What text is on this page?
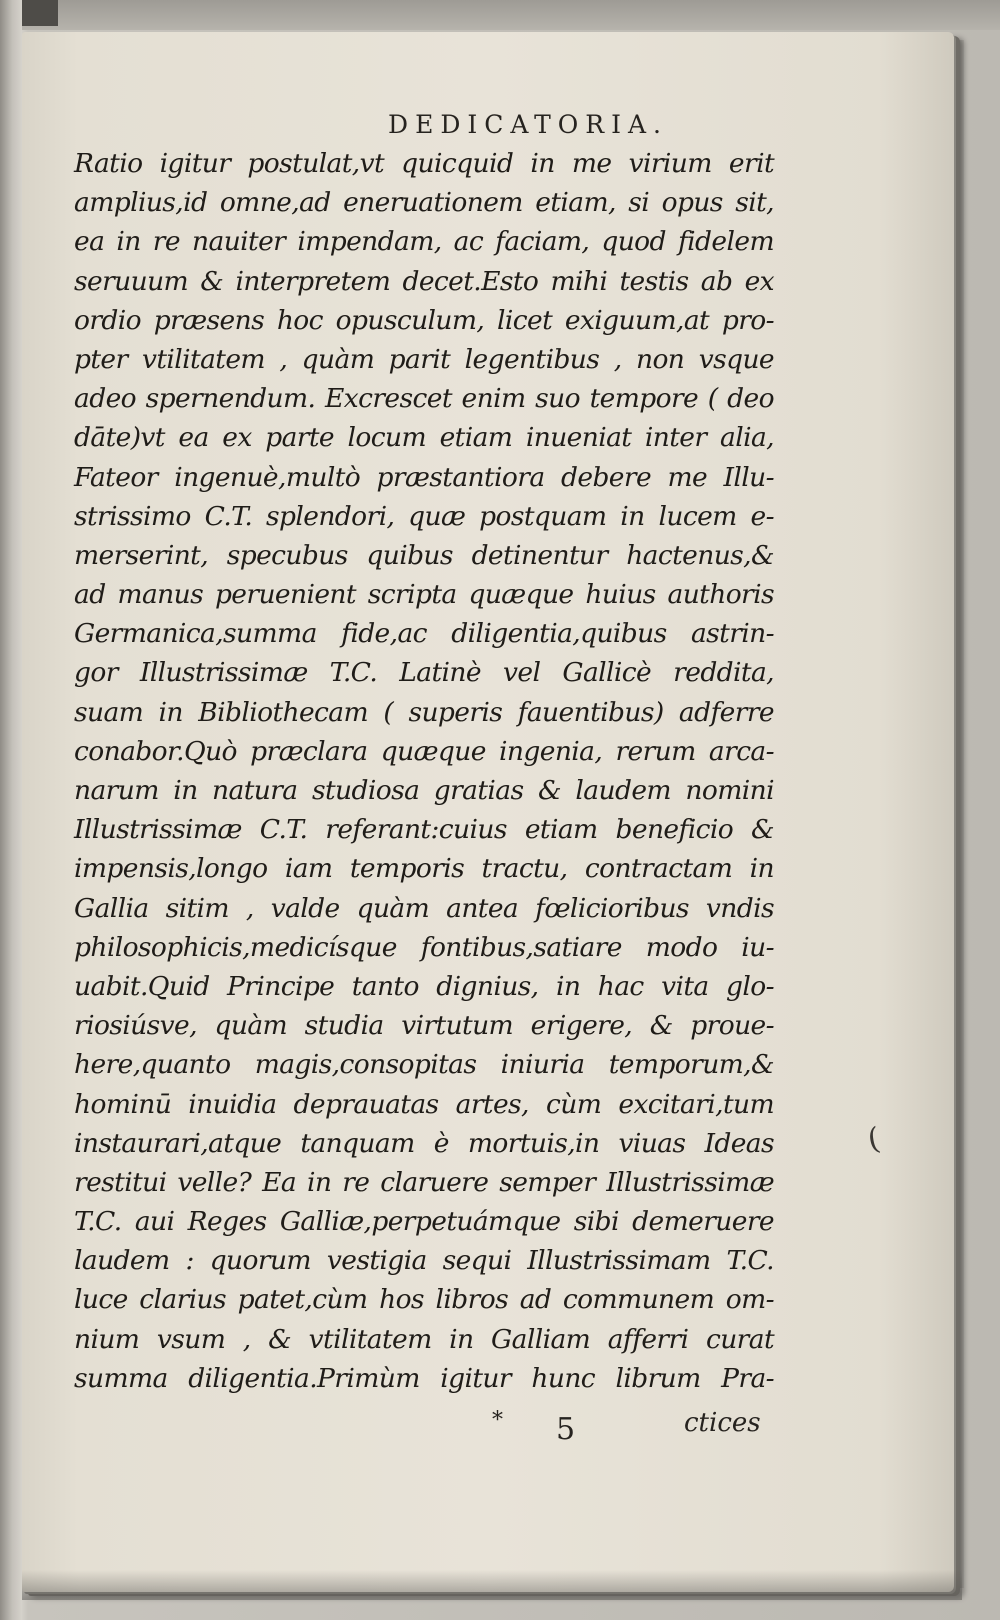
DEDICATORIA.
Ratio igitur postulat,vt quicquid in me virium erit
amplius,id omne,ad eneruationem etiam, si opus sit,
ea in re nauiter impendam, ac faciam, quod fidelem
seruuum & interpretem decet.Esto mihi testis ab ex
ordio præsens hoc opusculum, licet exiguum,at pro-
pter vtilitatem , quàm parit legentibus , non vsque
adeo spernendum. Excrescet enim suo tempore ( deo
dāte)vt ea ex parte locum etiam inueniat inter alia,
Fateor ingenuè,multò præstantiora debere me Illu-
strissimo C.T. splendori, quæ postquam in lucem e-
merserint, specubus quibus detinentur hactenus,&
ad manus peruenient scripta quæque huius authoris
Germanica,summa fide,ac diligentia,quibus astrin-
gor Illustrissimæ T.C. Latinè vel Gallicè reddita,
suam in Bibliothecam ( superis fauentibus) adferre
conabor.Quò præclara quæque ingenia, rerum arca-
narum in natura studiosa gratias & laudem nomini
Illustrissimæ C.T. referant:cuius etiam beneficio &
impensis,longo iam temporis tractu, contractam in
Gallia sitim , valde quàm antea fœlicioribus vndis
philosophicis,medicísque fontibus,satiare modo iu-
uabit.Quid Principe tanto dignius, in hac vita glo-
riosiúsve, quàm studia virtutum erigere, & proue-
here,quanto magis,consopitas iniuria temporum,&
hominū inuidia deprauatas artes, cùm excitari,tum
instaurari,atque tanquam è mortuis,in viuas Ideas
restitui velle? Ea in re claruere semper Illustrissimæ
T.C. aui Reges Galliæ,perpetuámque sibi demeruere
laudem : quorum vestigia sequi Illustrissimam T.C.
luce clarius patet,cùm hos libros ad communem om-
nium vsum , & vtilitatem in Galliam afferri curat
summa diligentia.Primùm igitur hunc librum Pra-
* 5	ctices
(
